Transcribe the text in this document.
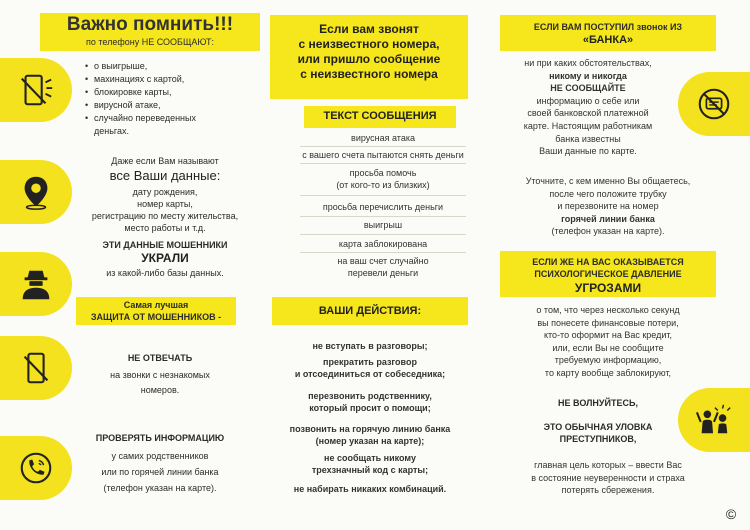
Важно помнить!!!
по телефону НЕ СООБЩАЮТ:
• о выигрыше,
• махинациях с картой,
• блокировке карты,
• вирусной атаке,
• случайно переведенных
деньгах.
Даже если Вам называют
все Ваши данные:
дату рождения,
номер карты,
регистрацию по месту жительства,
место работы и т.д.
ЭТИ ДАННЫЕ МОШЕННИКИ
УКРАЛИ
из какой-либо базы данных.
Самая лучшая
ЗАЩИТА ОТ МОШЕННИКОВ -
НЕ ОТВЕЧАТЬ
на звонки с незнакомых
номеров.
ПРОВЕРЯТЬ ИНФОРМАЦИЮ
у самих родственников
или по горячей линии банка
(телефон указан на карте).
Если вам звонят
с неизвестного номера,
или пришло сообщение
с неизвестного номера
ТЕКСТ СООБЩЕНИЯ
вирусная атака
с вашего счета пытаются снять деньги
просьба помочь
(от кого-то из близких)
просьба перечислить деньги
выигрыш
карта заблокирована
на ваш счет случайно
перевели деньги
ВАШИ ДЕЙСТВИЯ:
не вступать в разговоры;
прекратить разговор
и отсоединиться от собеседника;
перезвонить родственнику,
который просит о помощи;
позвонить на горячую линию банка
(номер указан на карте);
не сообщать никому
трехзначный код с карты;
не набирать никаких комбинаций.
ЕСЛИ ВАМ ПОСТУПИЛ звонок ИЗ
«БАНКА»
ни при каких обстоятельствах,
никому и никогда
НЕ СООБЩАЙТЕ
информацию о себе или
своей банковской платежной
карте. Настоящим работникам
банка известны
Ваши данные по карте.
Уточните, с кем именно Вы общаетесь,
после чего положите трубку
и перезвоните на номер
горячей линии банка
(телефон указан на карте).
ЕСЛИ ЖЕ НА ВАС ОКАЗЫВАЕТСЯ
ПСИХОЛОГИЧЕСКОЕ ДАВЛЕНИЕ
УГРОЗАМИ
о том, что через несколько секунд
вы понесете финансовые потери,
кто-то оформит на Вас кредит,
или, если Вы не сообщите
требуемую информацию,
то карту вообще заблокируют,
НЕ ВОЛНУЙТЕСЬ,
ЭТО ОБЫЧНАЯ УЛОВКА
ПРЕСТУПНИКОВ,
главная цель которых – ввести Вас
в состояние неуверенности и страха
потерять сбережения.
©
